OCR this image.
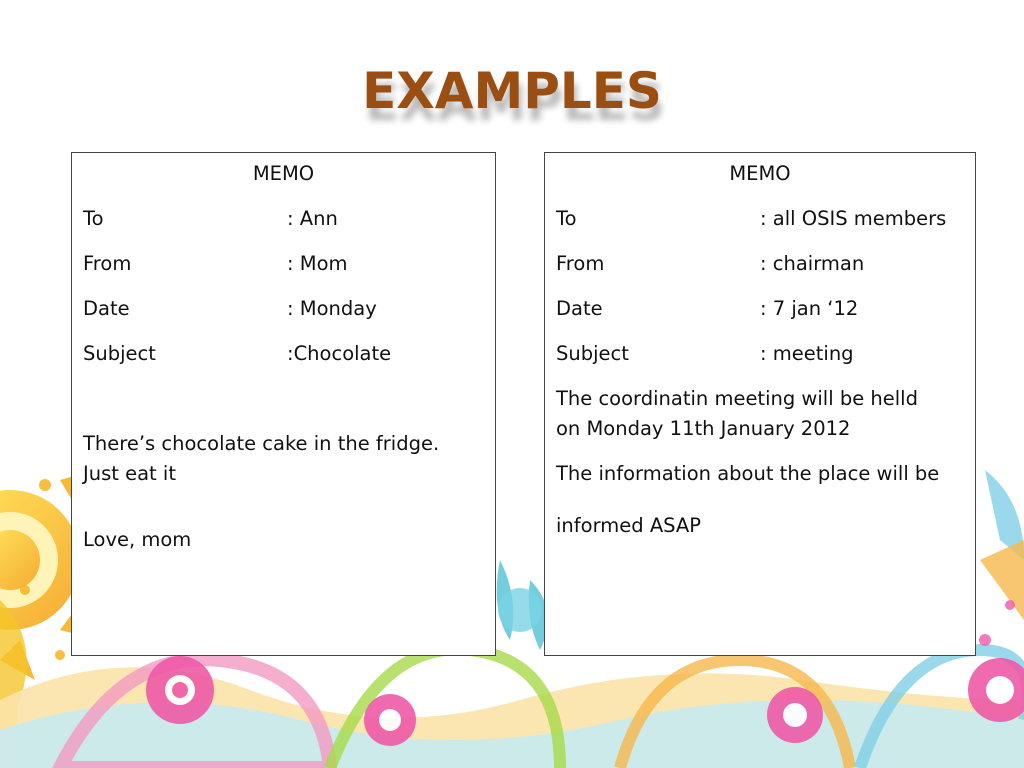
EXAMPLES
MEMO
To	: Ann
From	: Mom
Date	: Monday
Subject	:Chocolate
There’s chocolate cake in the fridge.
Just eat it
Love, mom
MEMO
To	: all OSIS members
From	: chairman
Date	: 7 jan ‘12
Subject	: meeting
The coordinatin meeting will be helld
on Monday 11th January 2012
The information about the place will be
informed ASAP
